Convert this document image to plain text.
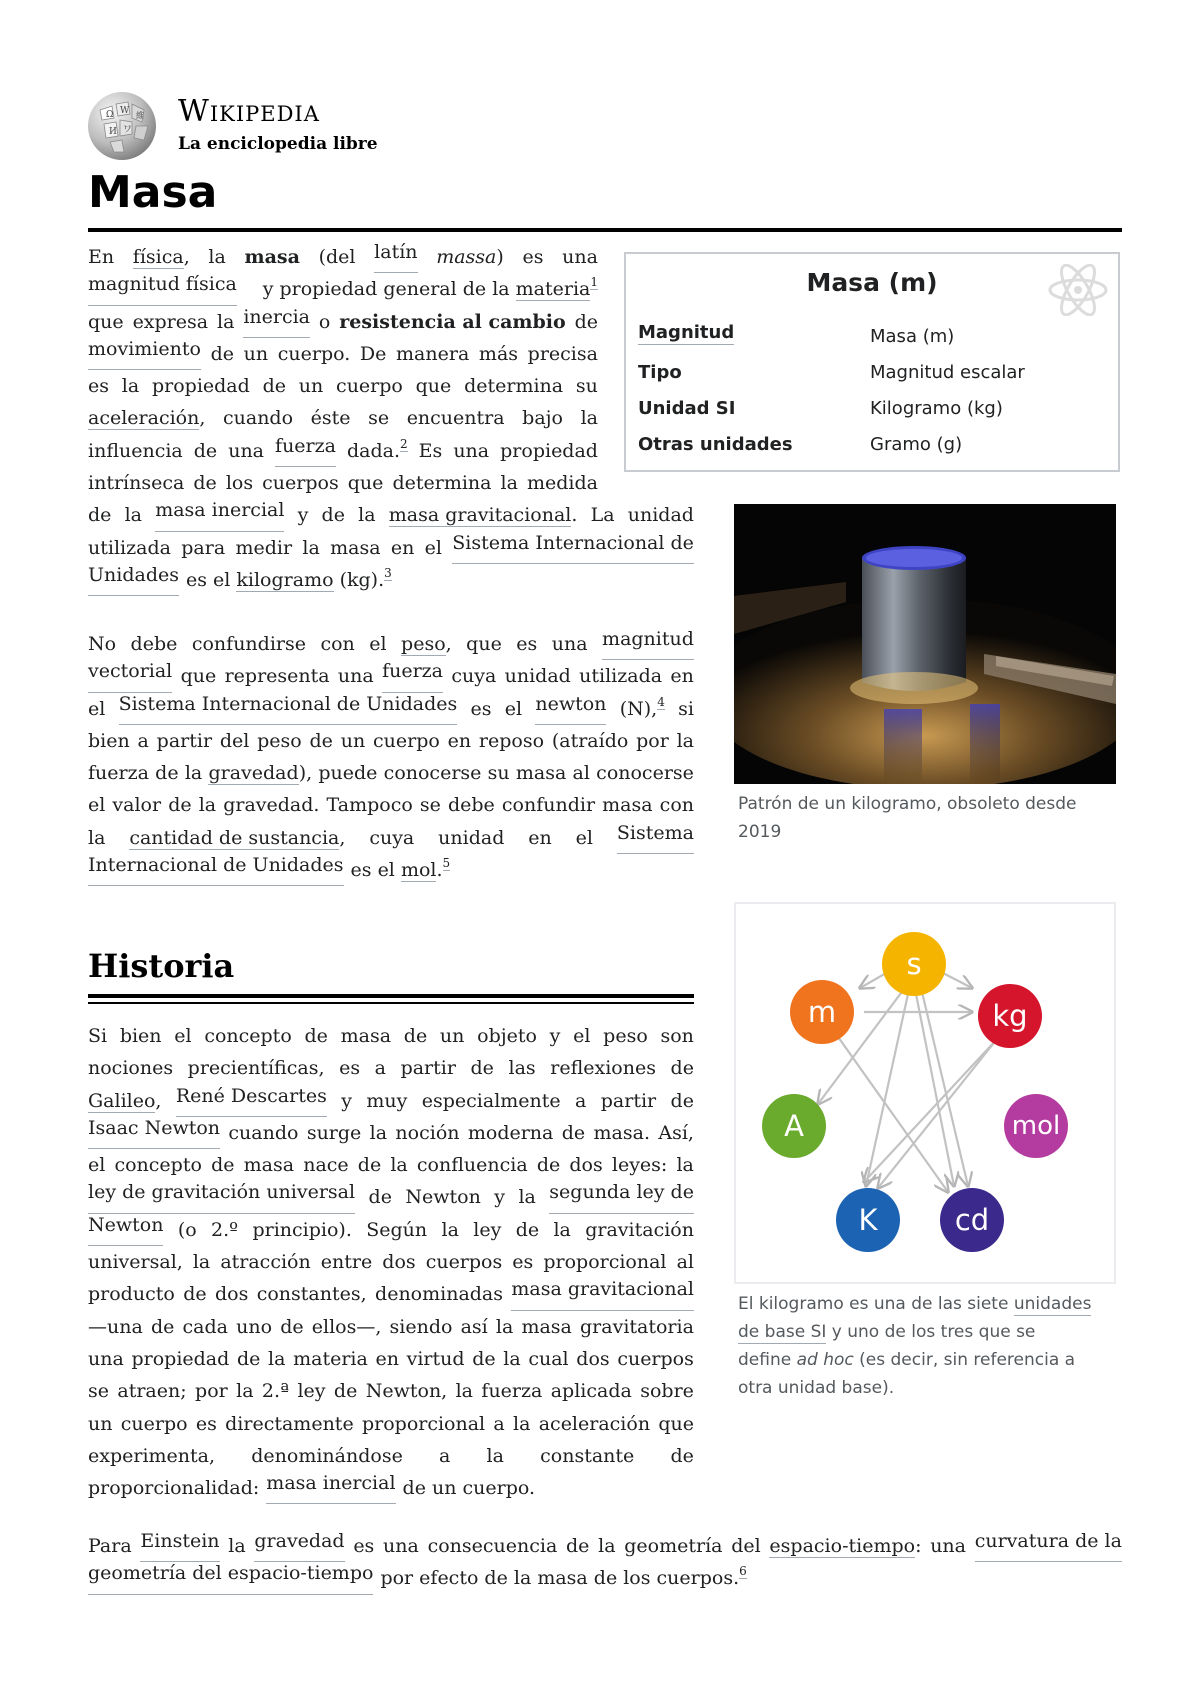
Ω W
И ワ
維 Wikipedia
La enciclopedia libre
Masa
En física, la masa (del latín massa) es una
magnitud física y propiedad general de la materia$^1$
que expresa la inercia o resistencia al cambio de
movimiento de un cuerpo. De manera más precisa
es la propiedad de un cuerpo que determina su
aceleración, cuando éste se encuentra bajo la
influencia de una fuerza dada.$^2$ Es una propiedad
intrínseca de los cuerpos que determina la medida
de la masa inercial y de la masa gravitacional. La unidad
utilizada para medir la masa en el Sistema Internacional de
Unidades es el kilogramo (kg).$^3$
No debe confundirse con el peso, que es una magnitud
vectorial que representa una fuerza cuya unidad utilizada en
el Sistema Internacional de Unidades es el newton (N),$^4$ si
bien a partir del peso de un cuerpo en reposo (atraído por la
fuerza de la gravedad), puede conocerse su masa al conocerse
el valor de la gravedad. Tampoco se debe confundir masa con
la cantidad de sustancia, cuya unidad en el Sistema
Internacional de Unidades es el mol.$^5$
Historia
Si bien el concepto de masa de un objeto y el peso son
nociones precientíficas, es a partir de las reflexiones de
Galileo, René Descartes y muy especialmente a partir de
Isaac Newton cuando surge la noción moderna de masa. Así,
el concepto de masa nace de la confluencia de dos leyes: la
ley de gravitación universal de Newton y la segunda ley de
Newton (o 2.º principio). Según la ley de la gravitación
universal, la atracción entre dos cuerpos es proporcional al
producto de dos constantes, denominadas masa gravitacional
—una de cada uno de ellos—, siendo así la masa gravitatoria
una propiedad de la materia en virtud de la cual dos cuerpos
se atraen; por la 2.ª ley de Newton, la fuerza aplicada sobre
un cuerpo es directamente proporcional a la aceleración que
experimenta, denominándose a la constante de
proporcionalidad: masa inercial de un cuerpo.
Para Einstein la gravedad es una consecuencia de la geometría del espacio-tiempo: una curvatura de la
geometría del espacio-tiempo por efecto de la masa de los cuerpos.$^6$
Masa (m)
Magnitud	Masa (m)
Tipo	Magnitud escalar
Unidad SI	Kilogramo (kg)
Otras unidades	Gramo (g)
Patrón de un kilogramo, obsoleto desde
2019
s
m	kg
A	mol
K	cd
El kilogramo es una de las siete unidades
de base SI y uno de los tres que se
define ad hoc (es decir, sin referencia a
otra unidad base).
